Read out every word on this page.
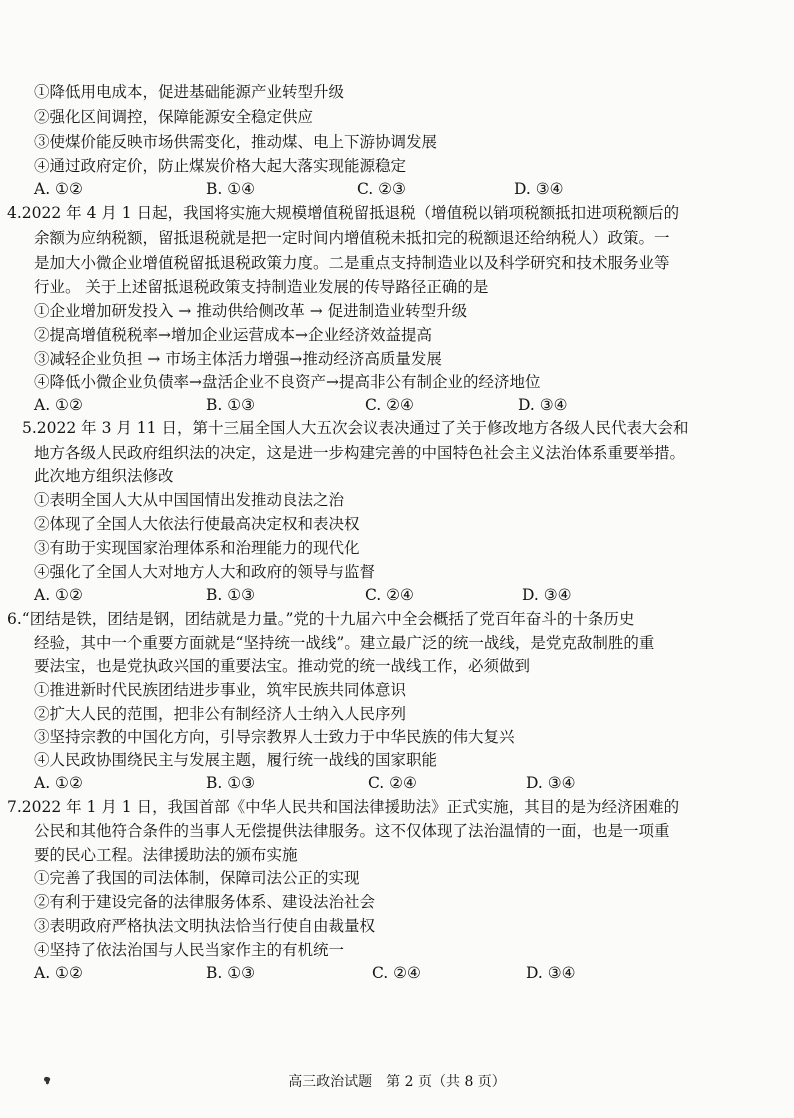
①降低用电成本，促进基础能源产业转型升级
②强化区间调控，保障能源安全稳定供应
③使煤价能反映市场供需变化，推动煤、电上下游协调发展
④通过政府定价，防止煤炭价格大起大落实现能源稳定
A. ①②	B. ①④	C. ②③	D. ③④
4.2022 年 4 月 1 日起，我国将实施大规模增值税留抵退税（增值税以销项税额抵扣进项税额后的
余额为应纳税额，留抵退税就是把一定时间内增值税未抵扣完的税额退还给纳税人）政策。一
是加大小微企业增值税留抵退税政策力度。二是重点支持制造业以及科学研究和技术服务业等
行业。 关于上述留抵退税政策支持制造业发展的传导路径正确的是
①企业增加研发投入 → 推动供给侧改革 → 促进制造业转型升级
②提高增值税税率→增加企业运营成本→企业经济效益提高
③减轻企业负担 → 市场主体活力增强→推动经济高质量发展
④降低小微企业负债率→盘活企业不良资产→提高非公有制企业的经济地位
A. ①②	B. ①③	C. ②④	D. ③④
5.2022 年 3 月 11 日，第十三届全国人大五次会议表决通过了关于修改地方各级人民代表大会和
地方各级人民政府组织法的决定，这是进一步构建完善的中国特色社会主义法治体系重要举措。
此次地方组织法修改
①表明全国人大从中国国情出发推动良法之治
②体现了全国人大依法行使最高决定权和表决权
③有助于实现国家治理体系和治理能力的现代化
④强化了全国人大对地方人大和政府的领导与监督
A. ①②	B. ①③	C. ②④	D. ③④
6.“团结是铁，团结是钢，团结就是力量。”党的十九届六中全会概括了党百年奋斗的十条历史
经验，其中一个重要方面就是“坚持统一战线”。建立最广泛的统一战线，是党克敌制胜的重
要法宝，也是党执政兴国的重要法宝。推动党的统一战线工作，必须做到
①推进新时代民族团结进步事业，筑牢民族共同体意识
②扩大人民的范围，把非公有制经济人士纳入人民序列
③坚持宗教的中国化方向，引导宗教界人士致力于中华民族的伟大复兴
④人民政协围绕民主与发展主题，履行统一战线的国家职能
A. ①②	B. ①③	C. ②④	D. ③④
7.2022 年 1 月 1 日，我国首部《中华人民共和国法律援助法》正式实施，其目的是为经济困难的
公民和其他符合条件的当事人无偿提供法律服务。这不仅体现了法治温情的一面，也是一项重
要的民心工程。法律援助法的颁布实施
①完善了我国的司法体制，保障司法公正的实现
②有利于建设完备的法律服务体系、建设法治社会
③表明政府严格执法文明执法恰当行使自由裁量权
④坚持了依法治国与人民当家作主的有机统一
A. ①②	B. ①③	C. ②④	D. ③④
高三政治试题　第 2 页（共 8 页）
